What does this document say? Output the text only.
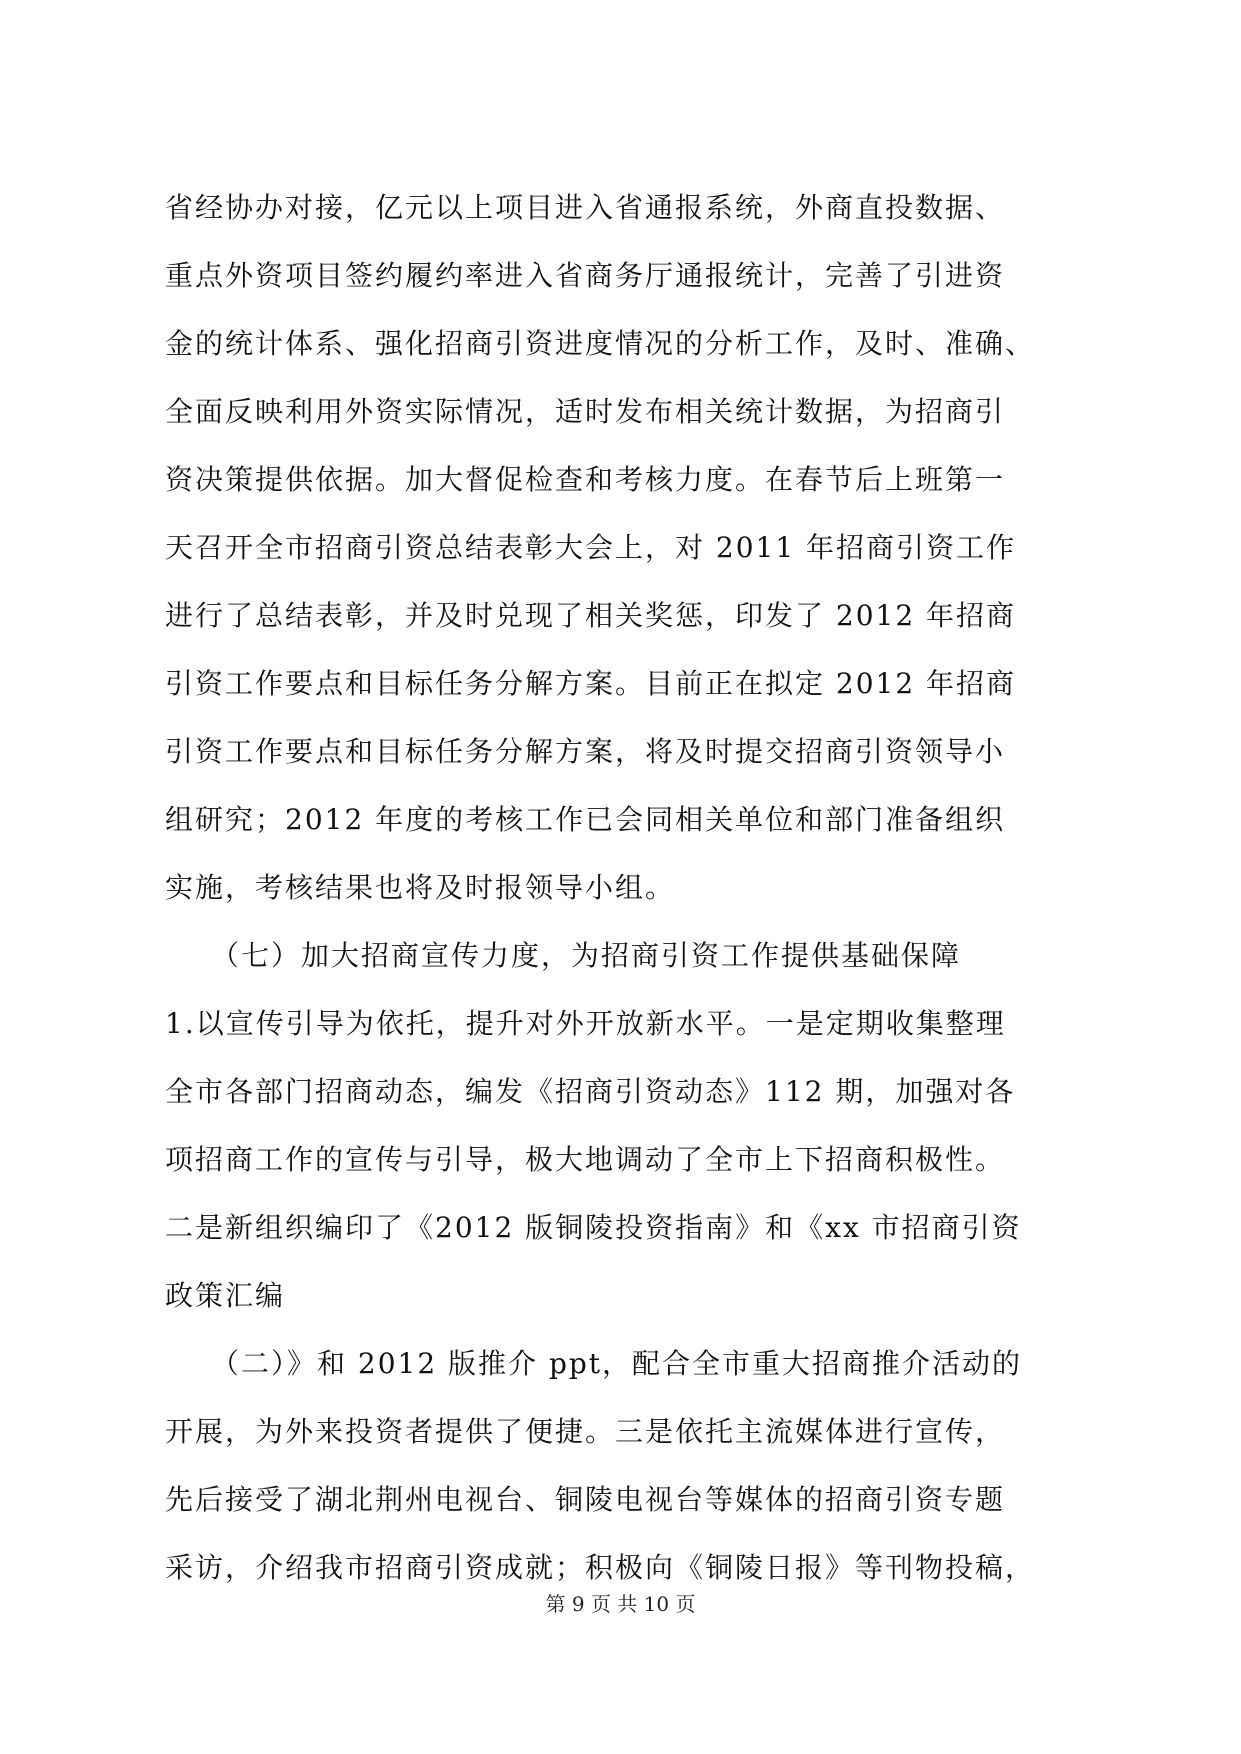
省经协办对接，亿元以上项目进入省通报系统，外商直投数据、
重点外资项目签约履约率进入省商务厅通报统计，完善了引进资
金的统计体系、强化招商引资进度情况的分析工作，及时、准确、
全面反映利用外资实际情况，适时发布相关统计数据，为招商引
资决策提供依据。加大督促检查和考核力度。在春节后上班第一
天召开全市招商引资总结表彰大会上，对 2011 年招商引资工作
进行了总结表彰，并及时兑现了相关奖惩，印发了 2012 年招商
引资工作要点和目标任务分解方案。目前正在拟定 2012 年招商
引资工作要点和目标任务分解方案，将及时提交招商引资领导小
组研究；2012 年度的考核工作已会同相关单位和部门准备组织
实施，考核结果也将及时报领导小组。
　　（七）加大招商宣传力度，为招商引资工作提供基础保障
1.以宣传引导为依托，提升对外开放新水平。一是定期收集整理
全市各部门招商动态，编发《招商引资动态》112 期，加强对各
项招商工作的宣传与引导，极大地调动了全市上下招商积极性。
二是新组织编印了《2012 版铜陵投资指南》和《xx 市招商引资
政策汇编
　　（二）》和 2012 版推介 ppt，配合全市重大招商推介活动的
开展，为外来投资者提供了便捷。三是依托主流媒体进行宣传，
先后接受了湖北荆州电视台、铜陵电视台等媒体的招商引资专题
采访，介绍我市招商引资成就；积极向《铜陵日报》等刊物投稿，
第 9 页 共 10 页
